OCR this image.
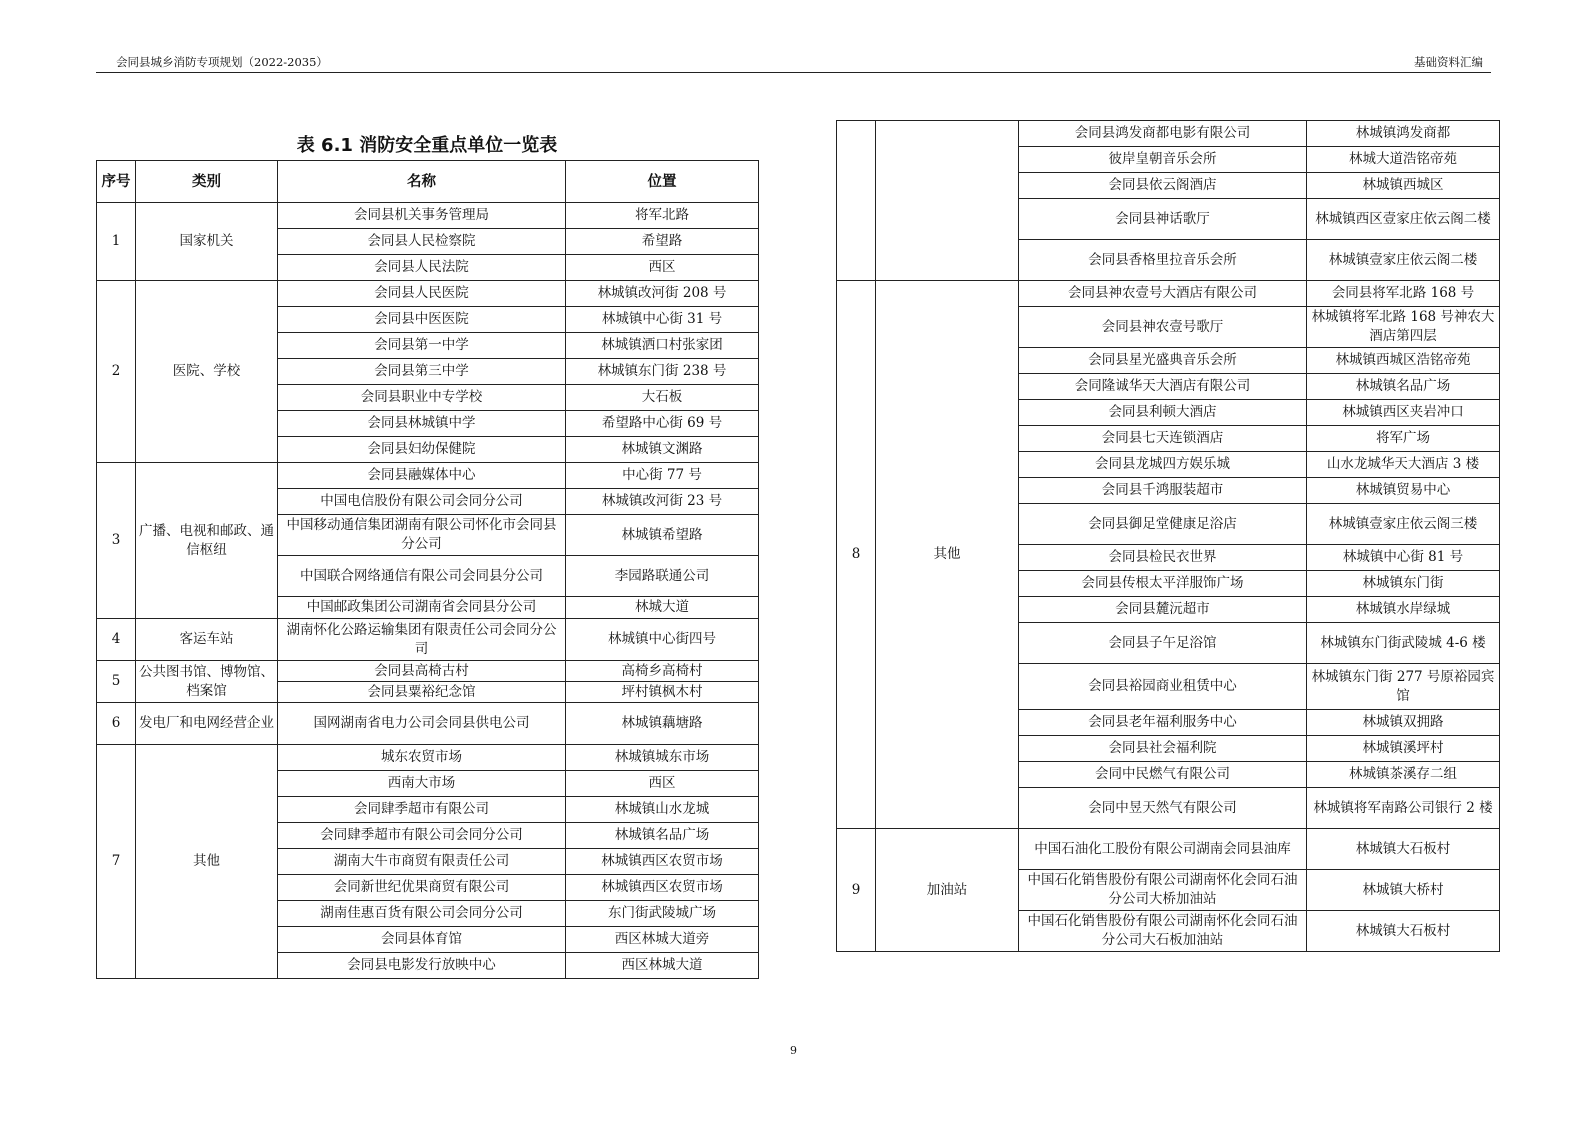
会同县城乡消防专项规划（2022-2035）	基础资料汇编
表 6.1 消防安全重点单位一览表
序号	类别	名称	位置
1	国家机关	会同县机关事务管理局	将军北路
		会同县人民检察院	希望路
		会同县人民法院	西区
2	医院、学校	会同县人民医院	林城镇改河街 208 号
		会同县中医医院	林城镇中心街 31 号
		会同县第一中学	林城镇洒口村张家团
		会同县第三中学	林城镇东门街 238 号
		会同县职业中专学校	大石板
		会同县林城镇中学	希望路中心街 69 号
		会同县妇幼保健院	林城镇文渊路
3	广播、电视和邮政、通信枢纽	会同县融媒体中心	中心街 77 号
		中国电信股份有限公司会同分公司	林城镇改河街 23 号
		中国移动通信集团湖南有限公司怀化市会同县分公司	林城镇希望路
		中国联合网络通信有限公司会同县分公司	李园路联通公司
		中国邮政集团公司湖南省会同县分公司	林城大道
4	客运车站	湖南怀化公路运输集团有限责任公司会同分公司	林城镇中心街四号
5	公共图书馆、博物馆、档案馆	会同县高椅古村	高椅乡高椅村
		会同县粟裕纪念馆	坪村镇枫木村
6	发电厂和电网经营企业	国网湖南省电力公司会同县供电公司	林城镇藕塘路
7	其他	城东农贸市场	林城镇城东市场
		西南大市场	西区
		会同肆季超市有限公司	林城镇山水龙城
		会同肆季超市有限公司会同分公司	林城镇名品广场
		湖南大牛市商贸有限责任公司	林城镇西区农贸市场
		会同新世纪优果商贸有限公司	林城镇西区农贸市场
		湖南佳惠百货有限公司会同分公司	东门街武陵城广场
		会同县体育馆	西区林城大道旁
		会同县电影发行放映中心	西区林城大道
		会同县鸿发商都电影有限公司	林城镇鸿发商都
		彼岸皇朝音乐会所	林城大道浩铭帝苑
		会同县依云阁酒店	林城镇西城区
		会同县神话歌厅	林城镇西区壹家庄依云阁二楼
		会同县香格里拉音乐会所	林城镇壹家庄依云阁二楼
8	其他	会同县神农壹号大酒店有限公司	会同县将军北路 168 号
		会同县神农壹号歌厅	林城镇将军北路 168 号神农大酒店第四层
		会同县星光盛典音乐会所	林城镇西城区浩铭帝苑
		会同隆诚华天大酒店有限公司	林城镇名品广场
		会同县利顿大酒店	林城镇西区夹岩冲口
		会同县七天连锁酒店	将军广场
		会同县龙城四方娱乐城	山水龙城华天大酒店 3 楼
		会同县千鸿服装超市	林城镇贸易中心
		会同县御足堂健康足浴店	林城镇壹家庄依云阁三楼
		会同县检民衣世界	林城镇中心街 81 号
		会同县传根太平洋服饰广场	林城镇东门街
		会同县麓沅超市	林城镇水岸绿城
		会同县子午足浴馆	林城镇东门街武陵城 4-6 楼
		会同县裕园商业租赁中心	林城镇东门街 277 号原裕园宾馆
		会同县老年福利服务中心	林城镇双拥路
		会同县社会福利院	林城镇溪坪村
		会同中民燃气有限公司	林城镇茶溪存二组
		会同中昱天然气有限公司	林城镇将军南路公司银行 2 楼
9	加油站	中国石油化工股份有限公司湖南会同县油库	林城镇大石板村
		中国石化销售股份有限公司湖南怀化会同石油分公司大桥加油站	林城镇大桥村
		中国石化销售股份有限公司湖南怀化会同石油分公司大石板加油站	林城镇大石板村
9
